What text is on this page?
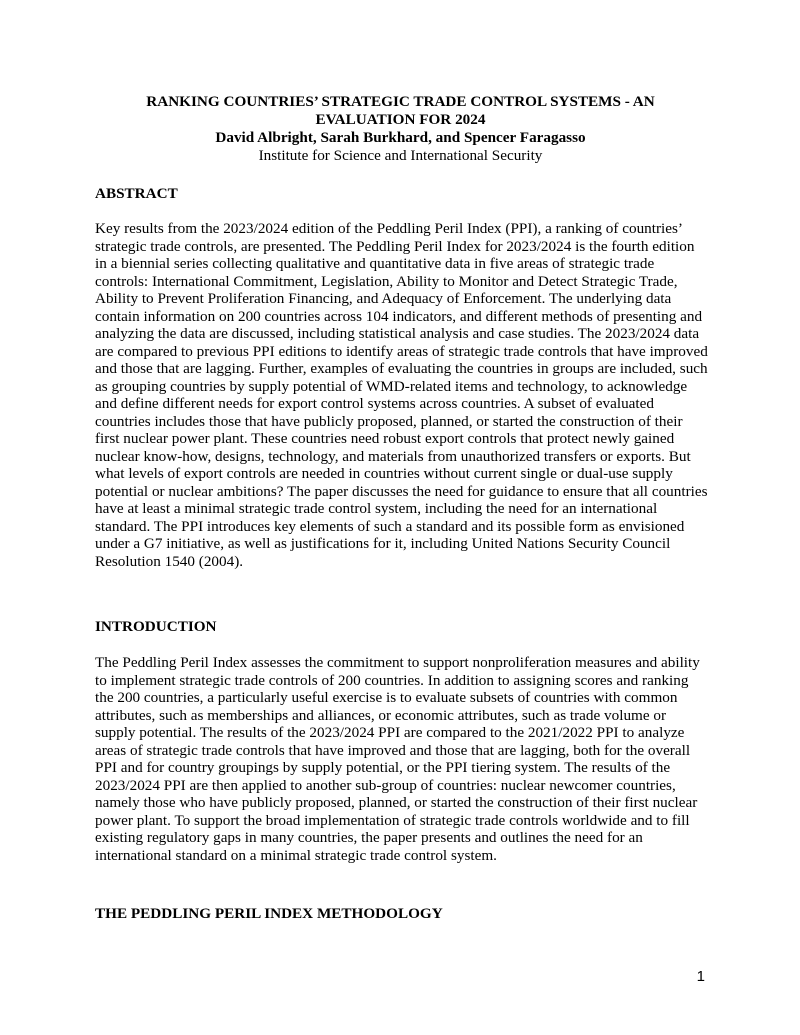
RANKING COUNTRIES’ STRATEGIC TRADE CONTROL SYSTEMS - AN
EVALUATION FOR 2024
David Albright, Sarah Burkhard, and Spencer Faragasso
Institute for Science and International Security
ABSTRACT

Key results from the 2023/2024 edition of the Peddling Peril Index (PPI), a ranking of countries’ strategic trade controls, are presented. The Peddling Peril Index for 2023/2024 is the fourth edition in a biennial series collecting qualitative and quantitative data in five areas of strategic trade controls: International Commitment, Legislation, Ability to Monitor and Detect Strategic Trade, Ability to Prevent Proliferation Financing, and Adequacy of Enforcement. The underlying data contain information on 200 countries across 104 indicators, and different methods of presenting and analyzing the data are discussed, including statistical analysis and case studies. The 2023/2024 data are compared to previous PPI editions to identify areas of strategic trade controls that have improved and those that are lagging. Further, examples of evaluating the countries in groups are included, such as grouping countries by supply potential of WMD-related items and technology, to acknowledge and define different needs for export control systems across countries. A subset of evaluated countries includes those that have publicly proposed, planned, or started the construction of their first nuclear power plant. These countries need robust export controls that protect newly gained nuclear know-how, designs, technology, and materials from unauthorized transfers or exports. But what levels of export controls are needed in countries without current single or dual-use supply potential or nuclear ambitions? The paper discusses the need for guidance to ensure that all countries have at least a minimal strategic trade control system, including the need for an international standard. The PPI introduces key elements of such a standard and its possible form as envisioned under a G7 initiative, as well as justifications for it, including United Nations Security Council Resolution 1540 (2004).

INTRODUCTION

The Peddling Peril Index assesses the commitment to support nonproliferation measures and ability to implement strategic trade controls of 200 countries. In addition to assigning scores and ranking the 200 countries, a particularly useful exercise is to evaluate subsets of countries with common attributes, such as memberships and alliances, or economic attributes, such as trade volume or supply potential. The results of the 2023/2024 PPI are compared to the 2021/2022 PPI to analyze areas of strategic trade controls that have improved and those that are lagging, both for the overall PPI and for country groupings by supply potential, or the PPI tiering system. The results of the 2023/2024 PPI are then applied to another sub-group of countries: nuclear newcomer countries, namely those who have publicly proposed, planned, or started the construction of their first nuclear power plant. To support the broad implementation of strategic trade controls worldwide and to fill existing regulatory gaps in many countries, the paper presents and outlines the need for an international standard on a minimal strategic trade control system.

THE PEDDLING PERIL INDEX METHODOLOGY
1
